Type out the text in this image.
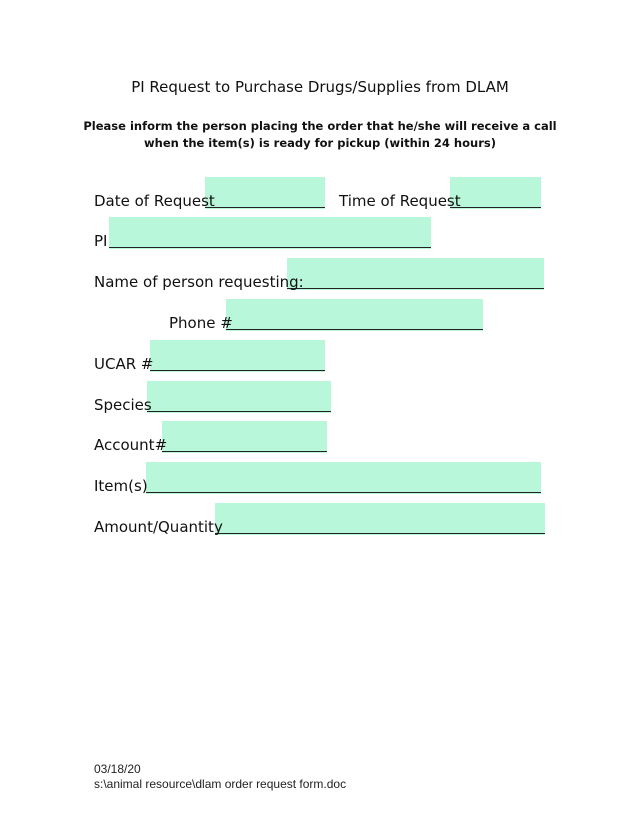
PI Request to Purchase Drugs/Supplies from DLAM
Please inform the person placing the order that he/she will receive a call when the item(s) is ready for pickup (within 24 hours)
Date of Request	Time of Request
PI
Name of person requesting:
Phone #
UCAR #
Species
Account#
Item(s)
Amount/Quantity
03/18/20
s:\animal resource\dlam order request form.doc
